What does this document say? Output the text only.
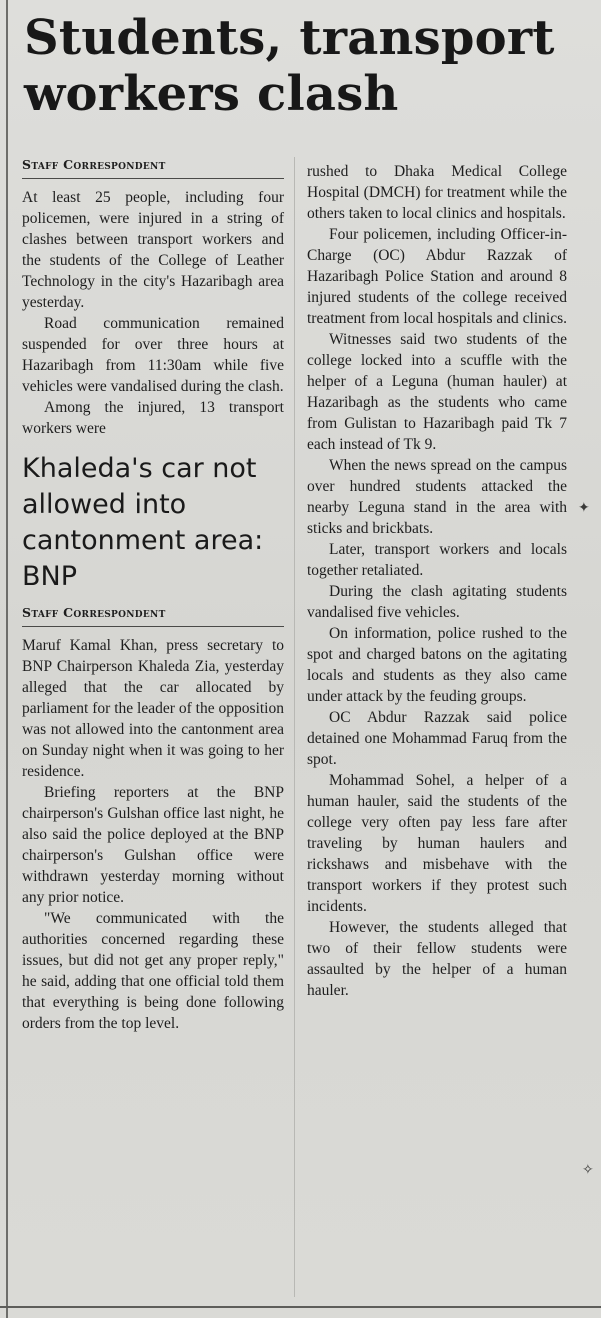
Students, transport workers clash
Staff Correspondent

At least 25 people, including four policemen, were injured in a string of clashes between transport workers and the students of the College of Leather Technology in the city's Hazaribagh area yesterday.

Road communication remained suspended for over three hours at Hazaribagh from 11:30am while five vehicles were vandalised during the clash.

Among the injured, 13 transport workers were

Khaleda's car not allowed into cantonment area: BNP
Staff Correspondent

Maruf Kamal Khan, press secretary to BNP Chairperson Khaleda Zia, yesterday alleged that the car allocated by parliament for the leader of the opposition was not allowed into the cantonment area on Sunday night when it was going to her residence.

Briefing reporters at the BNP chairperson's Gulshan office last night, he also said the police deployed at the BNP chairperson's Gulshan office were withdrawn yesterday morning without any prior notice.

"We communicated with the authorities concerned regarding these issues, but did not get any proper reply," he said, adding that one official told them that everything is being done following orders from the top level.

rushed to Dhaka Medical College Hospital (DMCH) for treatment while the others taken to local clinics and hospitals.

Four policemen, including Officer-in-Charge (OC) Abdur Razzak of Hazaribagh Police Station and around 8 injured students of the college received treatment from local hospitals and clinics.

Witnesses said two students of the college locked into a scuffle with the helper of a Leguna (human hauler) at Hazaribagh as the students who came from Gulistan to Hazaribagh paid Tk 7 each instead of Tk 9.

When the news spread on the campus over hundred students attacked the nearby Leguna stand in the area with sticks and brickbats.

Later, transport workers and locals together retaliated.

During the clash agitating students vandalised five vehicles.

On information, police rushed to the spot and charged batons on the agitating locals and students as they also came under attack by the feuding groups.

OC Abdur Razzak said police detained one Mohammad Faruq from the spot.

Mohammad Sohel, a helper of a human hauler, said the students of the college very often pay less fare after traveling by human haulers and rickshaws and misbehave with the transport workers if they protest such incidents.

However, the students alleged that two of their fellow students were assaulted by the helper of a human hauler.

✦
✧
